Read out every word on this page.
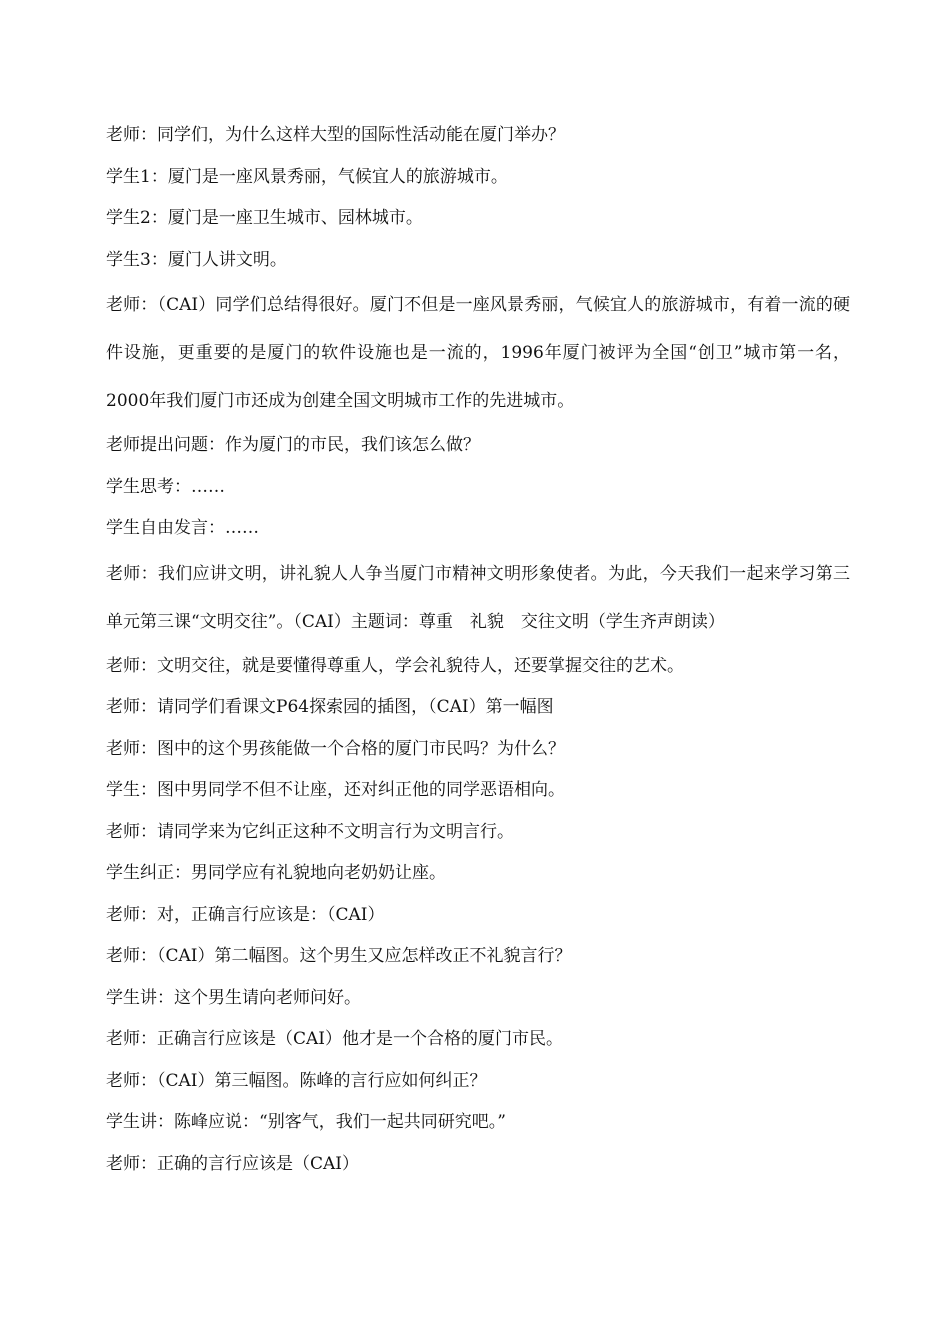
老师：同学们，为什么这样大型的国际性活动能在厦门举办？

学生1：厦门是一座风景秀丽，气候宜人的旅游城市。

学生2：厦门是一座卫生城市、园林城市。

学生3：厦门人讲文明。

老师：（CAI）同学们总结得很好。厦门不但是一座风景秀丽，气候宜人的旅游城市，有着一流的硬件设施，更重要的是厦门的软件设施也是一流的，1996年厦门被评为全国“创卫”城市第一名，2000年我们厦门市还成为创建全国文明城市工作的先进城市。

老师提出问题：作为厦门的市民，我们该怎么做？

学生思考：……

学生自由发言：……

老师：我们应讲文明，讲礼貌人人争当厦门市精神文明形象使者。为此，今天我们一起来学习第三单元第三课“文明交往”。（CAI）主题词：尊重　礼貌　交往文明（学生齐声朗读）

老师：文明交往，就是要懂得尊重人，学会礼貌待人，还要掌握交往的艺术。

老师：请同学们看课文P64探索园的插图，（CAI）第一幅图

老师：图中的这个男孩能做一个合格的厦门市民吗？为什么？

学生：图中男同学不但不让座，还对纠正他的同学恶语相向。

老师：请同学来为它纠正这种不文明言行为文明言行。

学生纠正：男同学应有礼貌地向老奶奶让座。

老师：对，正确言行应该是：（CAI）

老师：（CAI）第二幅图。这个男生又应怎样改正不礼貌言行？

学生讲：这个男生请向老师问好。

老师：正确言行应该是（CAI）他才是一个合格的厦门市民。

老师：（CAI）第三幅图。陈峰的言行应如何纠正？

学生讲：陈峰应说：“别客气，我们一起共同研究吧。”

老师：正确的言行应该是（CAI）
